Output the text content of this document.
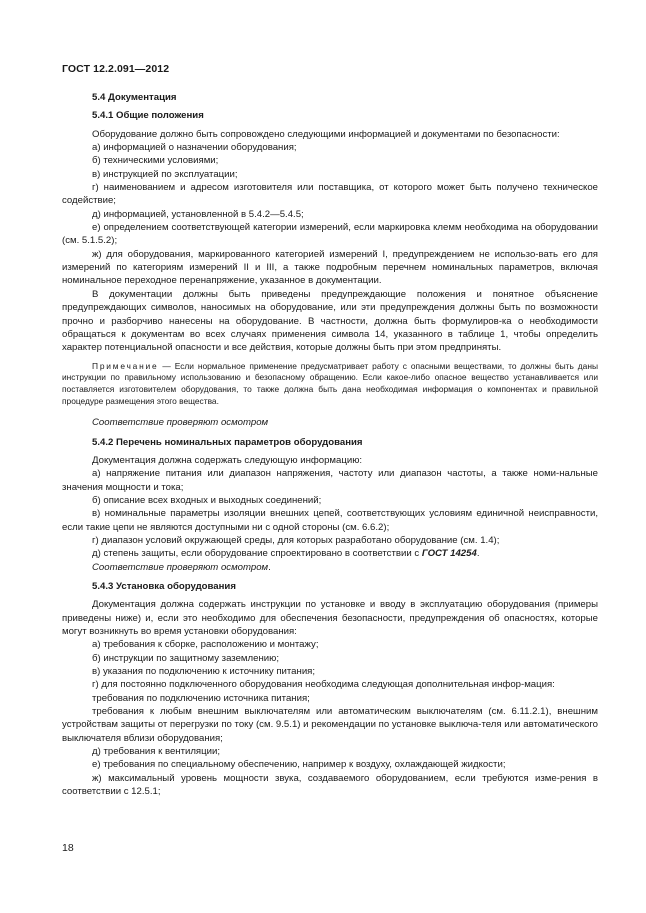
ГОСТ 12.2.091—2012

5.4 Документация

5.4.1 Общие положения

Оборудование должно быть сопровождено следующими информацией и документами по безопасности:

а) информацией о назначении оборудования;

б) техническими условиями;

в) инструкцией по эксплуатации;

г) наименованием и адресом изготовителя или поставщика, от которого может быть получено техническое содействие;

д) информацией, установленной в 5.4.2—5.4.5;

е) определением соответствующей категории измерений, если маркировка клемм необходима на оборудовании (см. 5.1.5.2);

ж) для оборудования, маркированного категорией измерений I, предупреждением не использо-вать его для измерений по категориям измерений II и III, а также подробным перечнем номинальных параметров, включая номинальное переходное перенапряжение, указанное в документации.

В документации должны быть приведены предупреждающие положения и понятное объяснение предупреждающих символов, наносимых на оборудование, или эти предупреждения должны быть по возможности прочно и разборчиво нанесены на оборудование. В частности, должна быть формулиров-ка о необходимости обращаться к документам во всех случаях применения символа 14, указанного в таблице 1, чтобы определить характер потенциальной опасности и все действия, которые должны быть при этом предприняты.

Примечание — Если нормальное применение предусматривает работу с опасными веществами, то должны быть даны инструкции по правильному использованию и безопасному обращению. Если какое-либо опасное вещество устанавливается или поставляется изготовителем оборудования, то также должна быть дана необходимая информация о компонентах и правильной процедуре размещения этого вещества.

Соответствие проверяют осмотром

5.4.2 Перечень номинальных параметров оборудования

Документация должна содержать следующую информацию:

а) напряжение питания или диапазон напряжения, частоту или диапазон частоты, а также номи-нальные значения мощности и тока;

б) описание всех входных и выходных соединений;

в) номинальные параметры изоляции внешних цепей, соответствующих условиям единичной неисправности, если такие цепи не являются доступными ни с одной стороны (см. 6.6.2);

г) диапазон условий окружающей среды, для которых разработано оборудование (см. 1.4);

д) степень защиты, если оборудование спроектировано в соответствии с ГОСТ 14254.

Соответствие проверяют осмотром.

5.4.3 Установка оборудования

Документация должна содержать инструкции по установке и вводу в эксплуатацию оборудования (примеры приведены ниже) и, если это необходимо для обеспечения безопасности, предупреждения об опасностях, которые могут возникнуть во время установки оборудования:

а) требования к сборке, расположению и монтажу;

б) инструкции по защитному заземлению;

в) указания по подключению к источнику питания;

г) для постоянно подключенного оборудования необходима следующая дополнительная инфор-мация:

требования по подключению источника питания;

требования к любым внешним выключателям или автоматическим выключателям (см. 6.11.2.1), внешним устройствам защиты от перегрузки по току (см. 9.5.1) и рекомендации по установке выключа-теля или автоматического выключателя вблизи оборудования;

д) требования к вентиляции;

е) требования по специальному обеспечению, например к воздуху, охлаждающей жидкости;

ж) максимальный уровень мощности звука, создаваемого оборудованием, если требуются изме-рения в соответствии с 12.5.1;

18
